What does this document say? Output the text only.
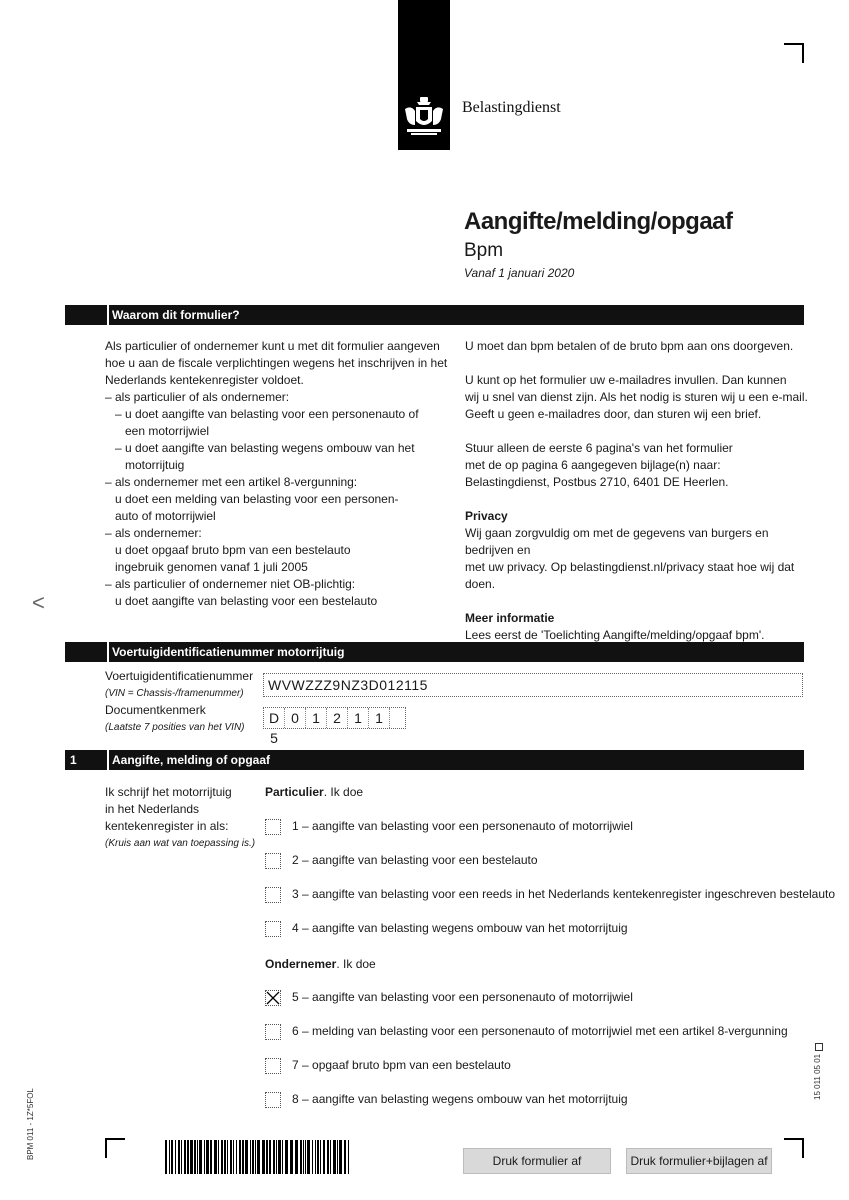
Belastingdienst
Aangifte/melding/opgaaf
Bpm
Vanaf 1 januari 2020
Waarom dit formulier?

Als particulier of ondernemer kunt u met dit formulier aangeven

hoe u aan de fiscale verplichtingen wegens het inschrijven in het

Nederlands kentekenregister voldoet.

– als particulier of als ondernemer:

– u doet aangifte van belasting voor een personenauto of

een motorrijwiel

– u doet aangifte van belasting wegens ombouw van het

motorrijtuig

– als ondernemer met een artikel 8-vergunning:

u doet een melding van belasting voor een personen-

auto of motorrijwiel

– als ondernemer:

u doet opgaaf bruto bpm van een bestelauto

ingebruik genomen vanaf 1 juli 2005

– als particulier of ondernemer niet OB-plichtig:

u doet aangifte van belasting voor een bestelauto

U moet dan bpm betalen of de bruto bpm aan ons doorgeven.

U kunt op het formulier uw e-mailadres invullen. Dan kunnen

wij u snel van dienst zijn. Als het nodig is sturen wij u een e-mail.

Geeft u geen e-mailadres door, dan sturen wij een brief.

Stuur alleen de eerste 6 pagina's van het formulier

met de op pagina 6 aangegeven bijlage(n) naar:

Belastingdienst, Postbus 2710, 6401 DE Heerlen.

Privacy

Wij gaan zorgvuldig om met de gegevens van burgers en bedrijven en

met uw privacy. Op belastingdienst.nl/privacy staat hoe wij dat doen.

Meer informatie

Lees eerst de 'Toelichting Aangifte/melding/opgaaf bpm'.

<
Voertuigidentificatienummer motorrijtuig
Voertuigidentificatienummer
(VIN = Chassis-/framenummer)
WVWZZZ9NZ3D012115
Documentkenmerk
(Laatste 7 posities van het VIN)
D 0 1 2 1 15
1	Aangifte, melding of opgaaf

Ik schrijf het motorrijtuig

in het Nederlands

kentekenregister in als:

(Kruis aan wat van toepassing is.)

Particulier. Ik doe
1 – aangifte van belasting voor een personenauto of motorrijwiel
2 – aangifte van belasting voor een bestelauto
3 – aangifte van belasting voor een reeds in het Nederlands kentekenregister ingeschreven bestelauto
4 – aangifte van belasting wegens ombouw van het motorrijtuig
Ondernemer. Ik doe
5 – aangifte van belasting voor een personenauto of motorrijwiel
6 – melding van belasting voor een personenauto of motorrijwiel met een artikel 8-vergunning
7 – opgaaf bruto bpm van een bestelauto
8 – aangifte van belasting wegens ombouw van het motorrijtuig
BPM 011 - 1Z*5FOL
15 011 05 01
Druk formulier af	Druk formulier+bijlagen af
